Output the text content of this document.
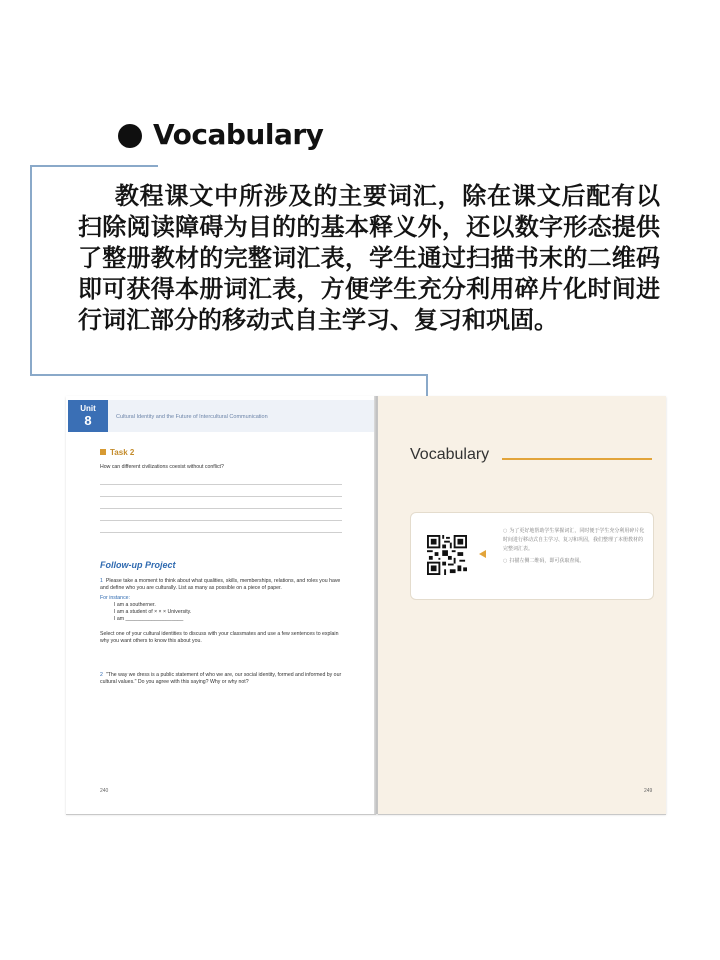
Vocabulary
教程课文中所涉及的主要词汇，除在课文后配有以扫除阅读障碍为目的的基本释义外，还以数字形态提供了整册教材的完整词汇表，学生通过扫描书末的二维码即可获得本册词汇表，方便学生充分利用碎片化时间进行词汇部分的移动式自主学习、复习和巩固。
Unit
8	Cultural Identity and the Future of Intercultural Communication
Task 2
How can different civilizations coexist without conflict?
Follow-up Project

1 Please take a moment to think about what qualities, skills, memberships, relations, and roles you have and define who you are culturally. List as many as possible on a piece of paper.

For instance:

I am a southerner.

I am a student of × × × University.

I am ____________________

Select one of your cultural identities to discuss with your classmates and use a few sentences to explain why you want others to know this about you.

2 "The way we dress is a public statement of who we are, our social identity, formed and informed by our cultural values." Do you agree with this saying? Why or why not?

240
Vocabulary

○ 为了更好地帮助学生掌握词汇，同时便于学生充分利用碎片化时间进行移动式自主学习、复习和巩固，我们整理了本册教材的完整词汇表。

○ 扫描左侧二维码，即可获取查阅。

249
